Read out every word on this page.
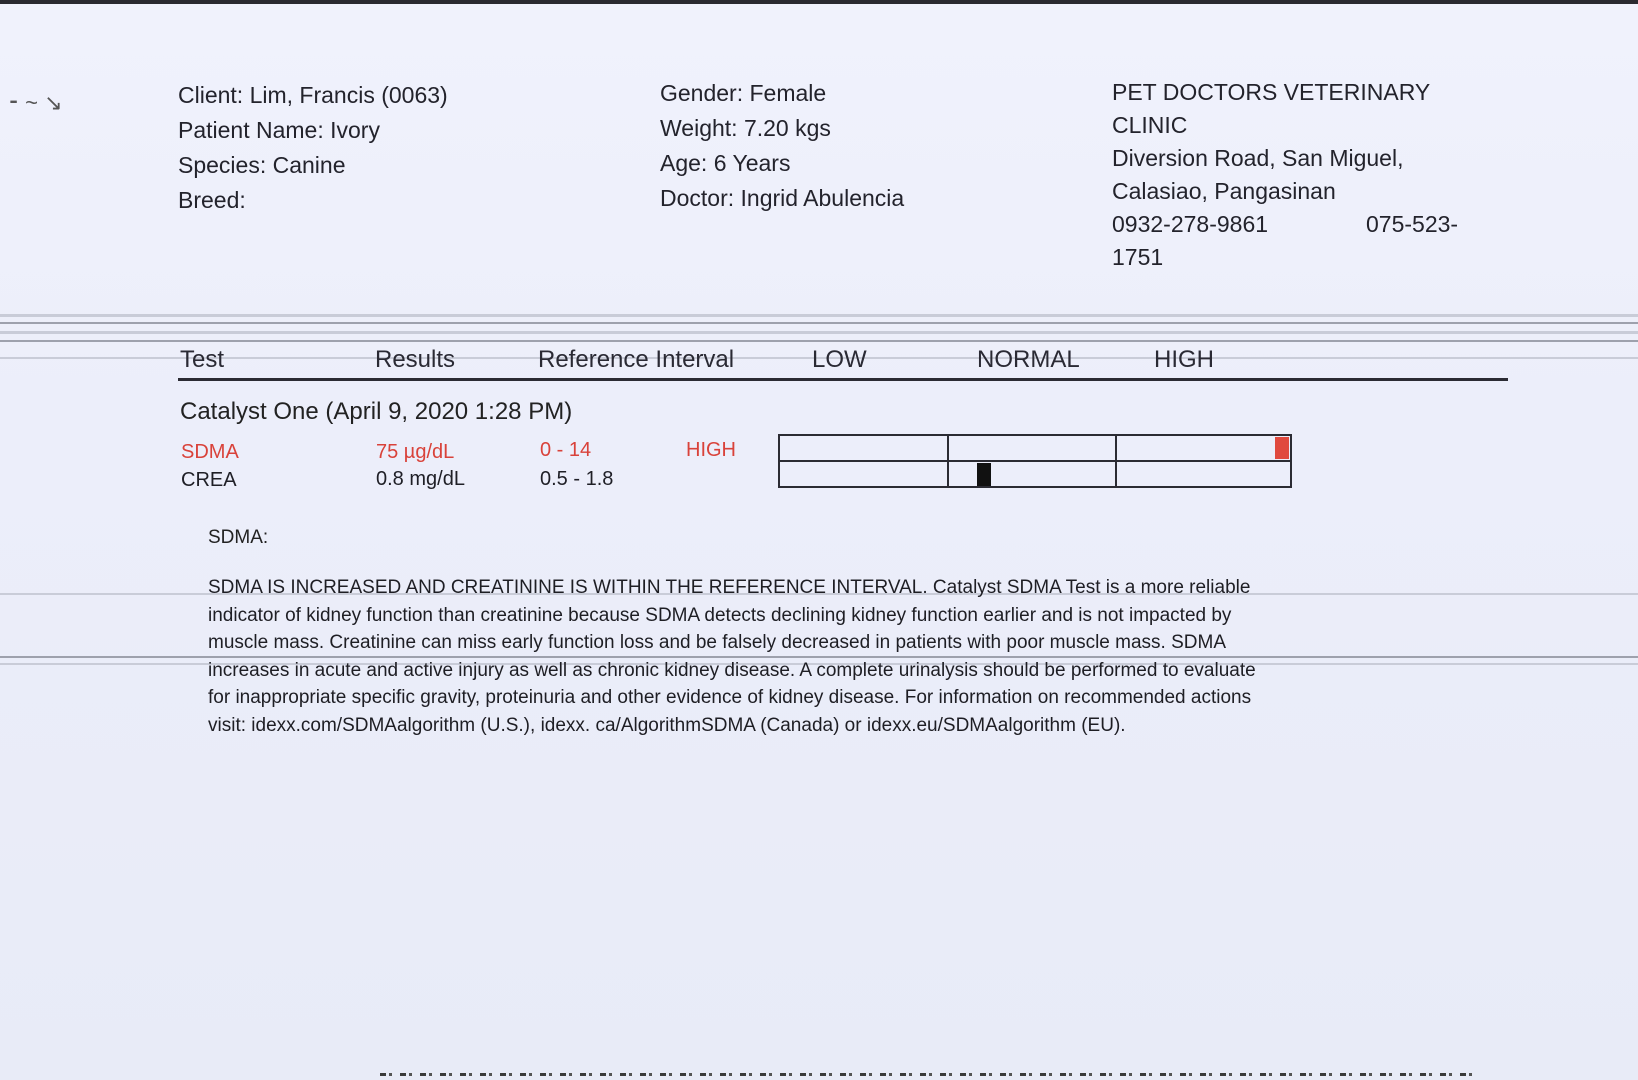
⁃ ~ ↘	Client: Lim, Francis (0063)
Patient Name: Ivory
Species: Canine
Breed:
Gender: Female
Weight: 7.20 kgs
Age: 6 Years
Doctor: Ingrid Abulencia
PET DOCTORS VETERINARY
CLINIC
Diversion Road, San Miguel,
Calasiao, Pangasinan
0932-278-9861	075-523-
1751
Test	Results	Reference Interval	LOW	NORMAL	HIGH
Catalyst One (April 9, 2020 1:28 PM)
SDMA	75 µg/dL	0 - 14	HIGH
CREA	0.8 mg/dL	0.5 - 1.8
SDMA:

SDMA IS INCREASED AND CREATININE IS WITHIN THE REFERENCE INTERVAL. Catalyst SDMA Test is a more reliable indicator of kidney function than creatinine because SDMA detects declining kidney function earlier and is not impacted by muscle mass. Creatinine can miss early function loss and be falsely decreased in patients with poor muscle mass. SDMA increases in acute and active injury as well as chronic kidney disease. A complete urinalysis should be performed to evaluate for inappropriate specific gravity, proteinuria and other evidence of kidney disease. For information on recommended actions visit: idexx.com/SDMAalgorithm (U.S.), idexx. ca/AlgorithmSDMA (Canada) or idexx.eu/SDMAalgorithm (EU).
